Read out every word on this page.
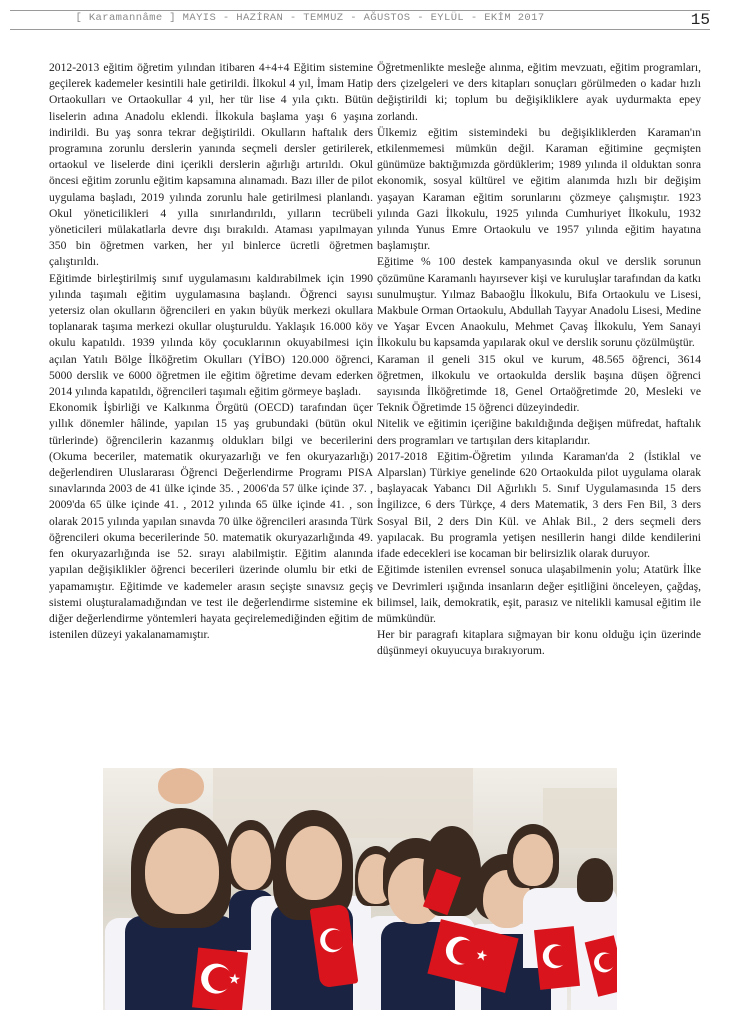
[ Karamannâme ] MAYIS - HAZİRAN - TEMMUZ - AĞUSTOS - EYLÜL - EKİM 2017	15

2012-2013 eğitim öğretim yılından itibaren 4+4+4 Eğitim sistemine geçilerek kademeler kesintili hale getirildi. İlkokul 4 yıl, İmam Hatip Ortaokulları ve Ortaokullar 4 yıl, her tür lise 4 yıla çıktı. Bütün liselerin adına Anadolu eklendi. İlkokula başlama yaşı 6 yaşına indirildi. Bu yaş sonra tekrar değiştirildi. Okulların haftalık ders programına zorunlu derslerin yanında seçmeli dersler getirilerek, ortaokul ve liselerde dini içerikli derslerin ağırlığı artırıldı. Okul öncesi eğitim zorunlu eğitim kapsamına alınamadı. Bazı iller de pilot uygulama başladı, 2019 yılında zorunlu hale getirilmesi planlandı. Okul yöneticilikleri 4 yılla sınırlandırıldı, yılların tecrübeli yöneticileri mülakatlarla devre dışı bırakıldı. Ataması yapılmayan 350 bin öğretmen varken, her yıl binlerce ücretli öğretmen çalıştırıldı.

Eğitimde birleştirilmiş sınıf uygulamasını kaldırabilmek için 1990 yılında taşımalı eğitim uygulamasına başlandı. Öğrenci sayısı yetersiz olan okulların öğrencileri en yakın büyük merkezi okullara toplanarak taşıma merkezi okullar oluşturuldu. Yaklaşık 16.000 köy okulu kapatıldı. 1939 yılında köy çocuklarının okuyabilmesi için açılan Yatılı Bölge İlköğretim Okulları (YİBO) 120.000 öğrenci, 5000 derslik ve 6000 öğretmen ile eğitim öğretime devam ederken 2014 yılında kapatıldı, öğrencileri taşımalı eğitim görmeye başladı.

Ekonomik İşbirliği ve Kalkınma Örgütü (OECD) tarafından üçer yıllık dönemler hâlinde, yapılan 15 yaş grubundaki (bütün okul türlerinde) öğrencilerin kazanmış oldukları bilgi ve becerilerini (Okuma beceriler, matematik okuryazarlığı ve fen okuryazarlığı) değerlendiren Uluslararası Öğrenci Değerlendirme Programı PISA sınavlarında 2003 de 41 ülke içinde 35. , 2006'da 57 ülke içinde 37. , 2009'da 65 ülke içinde 41. , 2012 yılında 65 ülke içinde 41. , son olarak 2015 yılında yapılan sınavda 70 ülke öğrencileri arasında Türk öğrencileri okuma becerilerinde 50. matematik okuryazarlığında 49. fen okuryazarlığında ise 52. sırayı alabilmiştir. Eğitim alanında yapılan değişiklikler öğrenci becerileri üzerinde olumlu bir etki de yapamamıştır. Eğitimde ve kademeler arasın seçişte sınavsız geçiş sistemi oluşturalamadığından ve test ile değerlendirme sistemine ek diğer değerlendirme yöntemleri hayata geçirelemediğinden eğitim de istenilen düzeyi yakalanamamıştır.

Öğretmenlikte mesleğe alınma, eğitim mevzuatı, eğitim programları, ders çizelgeleri ve ders kitapları sonuçları görülmeden o kadar hızlı değiştirildi ki; toplum bu değişikliklere ayak uydurmakta epey zorlandı.

Ülkemiz eğitim sistemindeki bu değişikliklerden Karaman'ın etkilenmemesi mümkün değil. Karaman eğitimine geçmişten günümüze baktığımızda gördüklerim; 1989 yılında il olduktan sonra ekonomik, sosyal kültürel ve eğitim alanımda hızlı bir değişim yaşayan Karaman eğitim sorunlarını çözmeye çalışmıştır. 1923 yılında Gazi İlkokulu, 1925 yılında Cumhuriyet İlkokulu, 1932 yılında Yunus Emre Ortaokulu ve 1957 yılında eğitim hayatına başlamıştır.

Eğitime % 100 destek kampanyasında okul ve derslik sorunun çözümüne Karamanlı hayırsever kişi ve kuruluşlar tarafından da katkı sunulmuştur. Yılmaz Babaoğlu İlkokulu, Bifa Ortaokulu ve Lisesi, Makbule Orman Ortaokulu, Abdullah Tayyar Anadolu Lisesi, Medine ve Yaşar Evcen Anaokulu, Mehmet Çavaş İlkokulu, Yem Sanayi İlkokulu bu kapsamda yapılarak okul ve derslik sorunu çözülmüştür.

Karaman il geneli 315 okul ve kurum, 48.565 öğrenci, 3614 öğretmen, ilkokulu ve ortaokulda derslik başına düşen öğrenci sayısında İlköğretimde 18, Genel Ortaöğretimde 20, Mesleki ve Teknik Öğretimde 15 öğrenci düzeyindedir.

Nitelik ve eğitimin içeriğine bakıldığında değişen müfredat, haftalık ders programları ve tartışılan ders kitaplarıdır.

2017-2018 Eğitim-Öğretim yılında Karaman'da 2 (İstiklal ve Alparslan) Türkiye genelinde 620 Ortaokulda pilot uygulama olarak başlayacak Yabancı Dil Ağırlıklı 5. Sınıf Uygulamasında 15 ders İngilizce, 6 ders Türkçe, 4 ders Matematik, 3 ders Fen Bil, 3 ders Sosyal Bil, 2 ders Din Kül. ve Ahlak Bil., 2 ders seçmeli ders yapılacak. Bu programla yetişen nesillerin hangi dilde kendilerini ifade edecekleri ise kocaman bir belirsizlik olarak duruyor.

Eğitimde istenilen evrensel sonuca ulaşabilmenin yolu; Atatürk İlke ve Devrimleri ışığında insanların değer eşitliğini önceleyen, çağdaş, bilimsel, laik, demokratik, eşit, parasız ve nitelikli kamusal eğitim ile mümkündür.

Her bir paragrafı kitaplara sığmayan bir konu olduğu için üzerinde düşünmeyi okuyucuya bırakıyorum.

★
★
